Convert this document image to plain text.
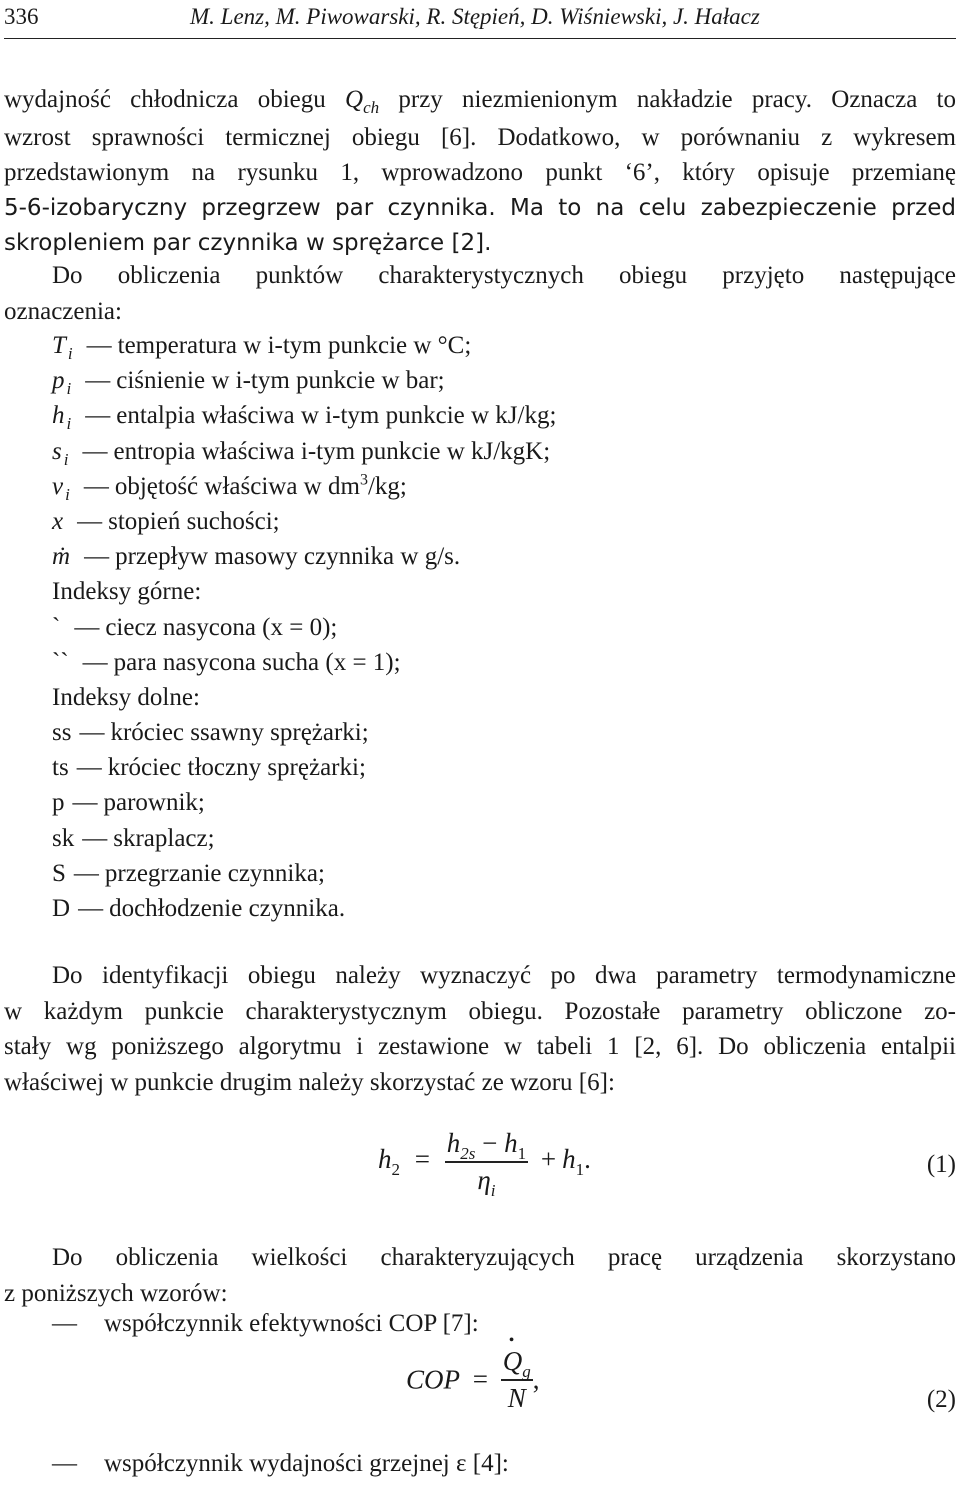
336	M. Lenz, M. Piwowarski, R. Stępień, D. Wiśniewski, J. Hałacz

wydajność chłodnicza obiegu $Q_{ch}$ przy niezmienionym nakładzie pracy. Oznacza to
wzrost sprawności termicznej obiegu [6]. Dodatkowo, w porównaniu z wykresem
przedstawionym na rysunku 1, wprowadzono punkt ‘6’, który opisuje przemianę
5-6-izobaryczny przegrzew par czynnika. Ma to na celu zabezpieczenie przed
skropleniem par czynnika w sprężarce [2].

Do obliczenia punktów charakterystycznych obiegu przyjęto następujące
oznaczenia:

T i — temperatura w i-tym punkcie w °C;
p i — ciśnienie w i-tym punkcie w bar;
h i — entalpia właściwa w i-tym punkcie w kJ/kg;
s i — entropia właściwa i-tym punkcie w kJ/kgK;
v i — objętość właściwa w $dm^3/kg$;
x — stopień suchości;
ṁ — przepływ masowy czynnika w g/s.
Indeksy górne:
` — ciecz nasycona (x = 0);
`` — para nasycona sucha (x = 1);
Indeksy dolne:
ss — króciec ssawny sprężarki;
ts — króciec tłoczny sprężarki;
p — parownik;
sk — skraplacz;
S — przegrzanie czynnika;
D — dochłodzenie czynnika.

Do identyfikacji obiegu należy wyznaczyć po dwa parametry termodynamiczne
w każdym punkcie charakterystycznym obiegu. Pozostałe parametry obliczone zo-
stały wg poniższego algorytmu i zestawione w tabeli 1 [2, 6]. Do obliczenia entalpii
właściwej w punkcie drugim należy skorzystać ze wzoru [6]:

$h_2 = \frac{h_{2s} - h_1}{\eta_i} + h_1$.	(1)

Do obliczenia wielkości charakteryzujących pracę urządzenia skorzystano
z poniższych wzorów:

— współczynnik efektywności COP [7]:
COP = •
$Q_g$
N ,
(2)
— współczynnik wydajności grzejnej ε [4]:
